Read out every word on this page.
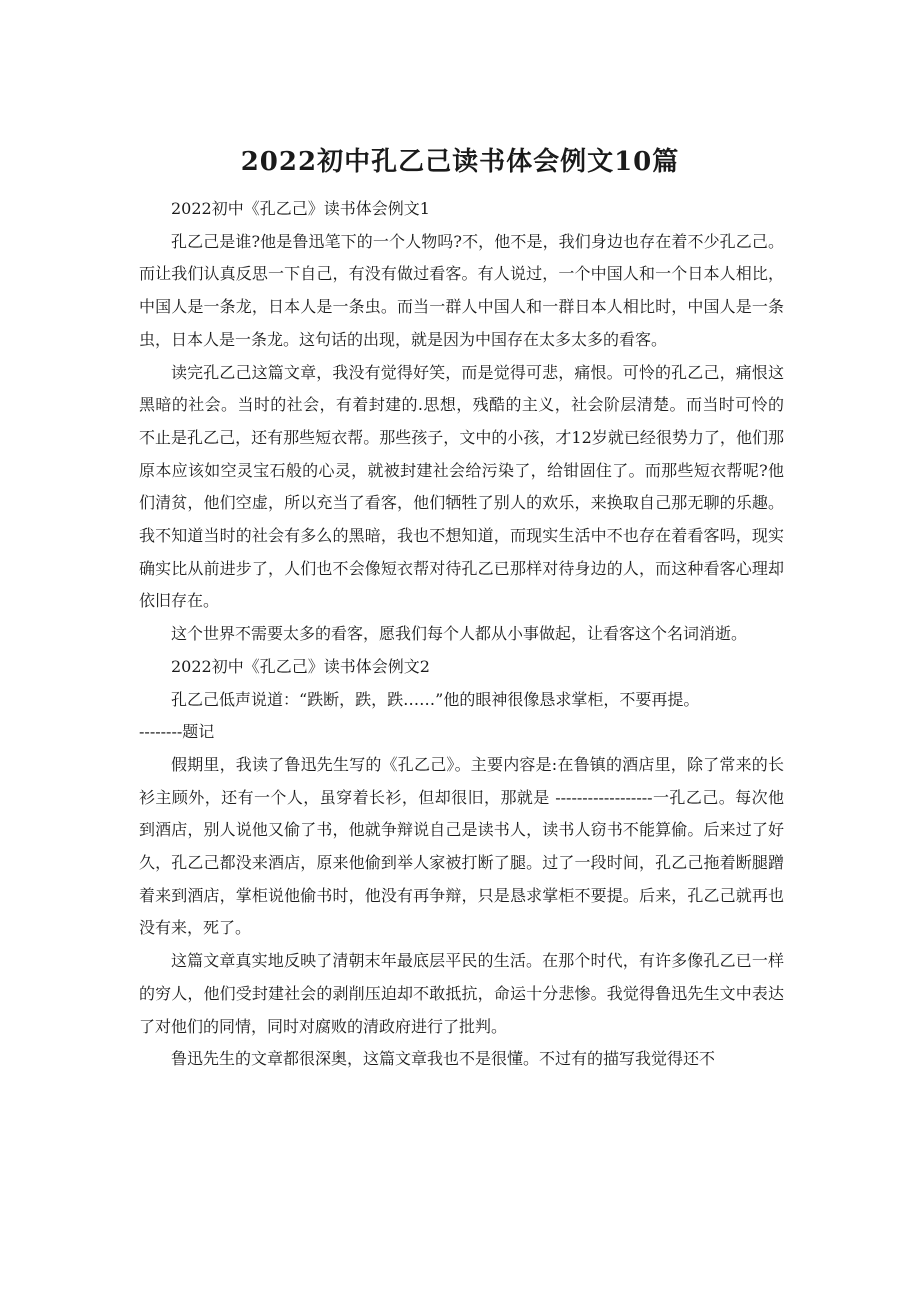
2022初中孔乙己读书体会例文10篇

2022初中《孔乙己》读书体会例文1

孔乙己是谁?他是鲁迅笔下的一个人物吗?不，他不是，我们身边也存在着不少孔乙己。而让我们认真反思一下自己，有没有做过看客。有人说过，一个中国人和一个日本人相比，中国人是一条龙，日本人是一条虫。而当一群人中国人和一群日本人相比时，中国人是一条虫，日本人是一条龙。这句话的出现，就是因为中国存在太多太多的看客。

读完孔乙己这篇文章，我没有觉得好笑，而是觉得可悲，痛恨。可怜的孔乙己，痛恨这黑暗的社会。当时的社会，有着封建的.思想，残酷的主义，社会阶层清楚。而当时可怜的不止是孔乙己，还有那些短衣帮。那些孩子，文中的小孩，才12岁就已经很势力了，他们那原本应该如空灵宝石般的心灵，就被封建社会给污染了，给钳固住了。而那些短衣帮呢?他们清贫，他们空虚，所以充当了看客，他们牺牲了别人的欢乐，来换取自己那无聊的乐趣。我不知道当时的社会有多么的黑暗，我也不想知道，而现实生活中不也存在着看客吗，现实确实比从前进步了，人们也不会像短衣帮对待孔乙已那样对待身边的人，而这种看客心理却依旧存在。

这个世界不需要太多的看客，愿我们每个人都从小事做起，让看客这个名词消逝。

2022初中《孔乙己》读书体会例文2

孔乙己低声说道：“跌断，跌，跌……”他的眼神很像恳求掌柜，不要再提。

--------题记

假期里，我读了鲁迅先生写的《孔乙己》。主要内容是:在鲁镇的酒店里，除了常来的长衫主顾外，还有一个人，虽穿着长衫，但却很旧，那就是 ------------------一孔乙己。每次他到酒店，别人说他又偷了书，他就争辩说自己是读书人，读书人窃书不能算偷。后来过了好久，孔乙己都没来酒店，原来他偷到举人家被打断了腿。过了一段时间，孔乙己拖着断腿蹭着来到酒店，掌柜说他偷书时，他没有再争辩，只是恳求掌柜不要提。后来，孔乙己就再也没有来，死了。

这篇文章真实地反映了清朝末年最底层平民的生活。在那个时代，有许多像孔乙已一样的穷人，他们受封建社会的剥削压迫却不敢抵抗，命运十分悲惨。我觉得鲁迅先生文中表达了对他们的同情，同时对腐败的清政府进行了批判。

鲁迅先生的文章都很深奥，这篇文章我也不是很懂。不过有的描写我觉得还不
